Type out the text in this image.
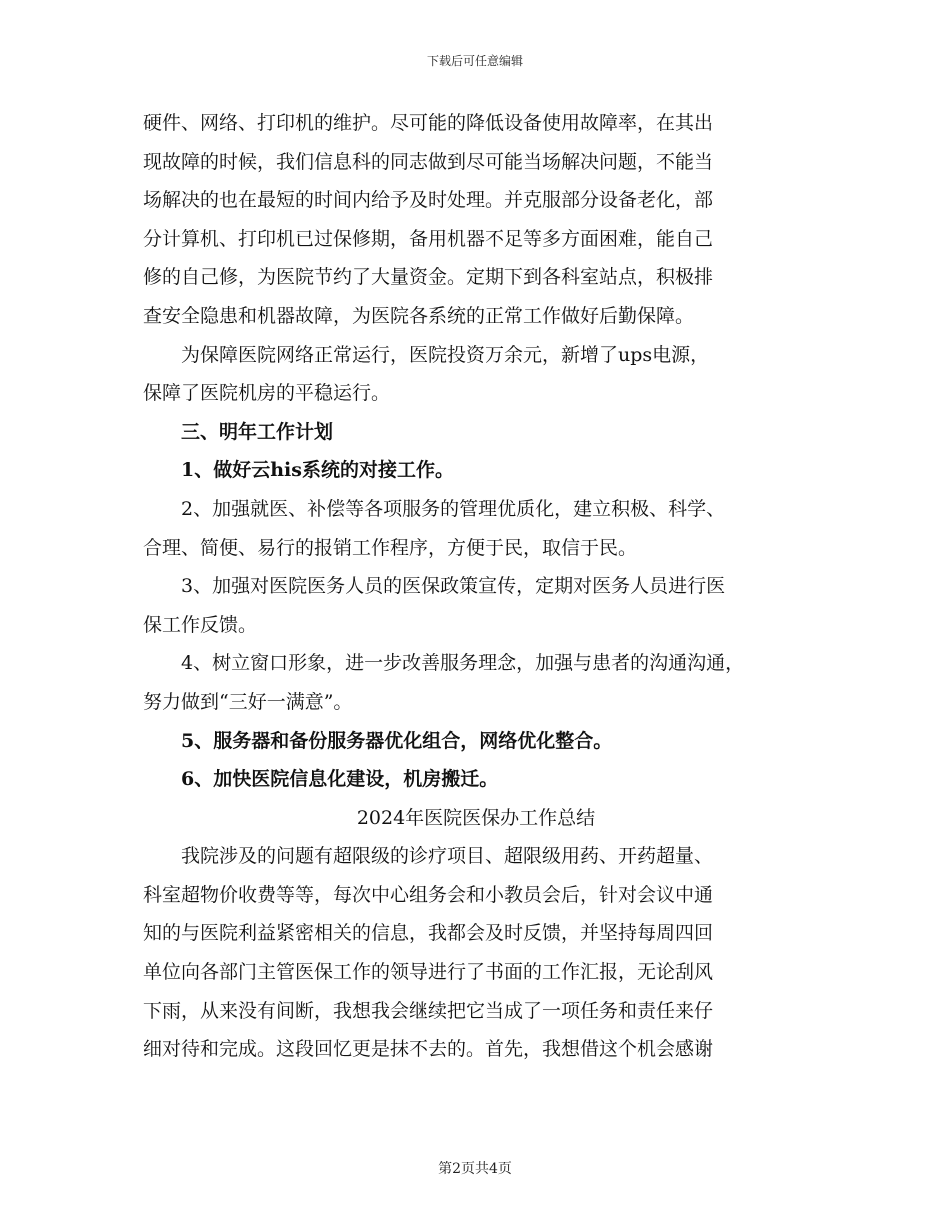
下载后可任意编辑

硬件、网络、打印机的维护。尽可能的降低设备使用故障率，在其出

现故障的时候，我们信息科的同志做到尽可能当场解决问题，不能当

场解决的也在最短的时间内给予及时处理。并克服部分设备老化，部

分计算机、打印机已过保修期，备用机器不足等多方面困难，能自己

修的自己修，为医院节约了大量资金。定期下到各科室站点，积极排

查安全隐患和机器故障，为医院各系统的正常工作做好后勤保障。

为保障医院网络正常运行，医院投资万余元，新增了ups电源，

保障了医院机房的平稳运行。

三、明年工作计划

1、做好云his系统的对接工作。

2、加强就医、补偿等各项服务的管理优质化，建立积极、科学、

合理、简便、易行的报销工作程序，方便于民，取信于民。

3、加强对医院医务人员的医保政策宣传，定期对医务人员进行医

保工作反馈。

4、树立窗口形象，进一步改善服务理念，加强与患者的沟通沟通，

努力做到“三好一满意”。

5、服务器和备份服务器优化组合，网络优化整合。

6、加快医院信息化建设，机房搬迁。

2024年医院医保办工作总结

我院涉及的问题有超限级的诊疗项目、超限级用药、开药超量、

科室超物价收费等等，每次中心组务会和小教员会后，针对会议中通

知的与医院利益紧密相关的信息，我都会及时反馈，并坚持每周四回

单位向各部门主管医保工作的领导进行了书面的工作汇报，无论刮风

下雨，从来没有间断，我想我会继续把它当成了一项任务和责任来仔

细对待和完成。这段回忆更是抹不去的。首先，我想借这个机会感谢

第2页共4页
